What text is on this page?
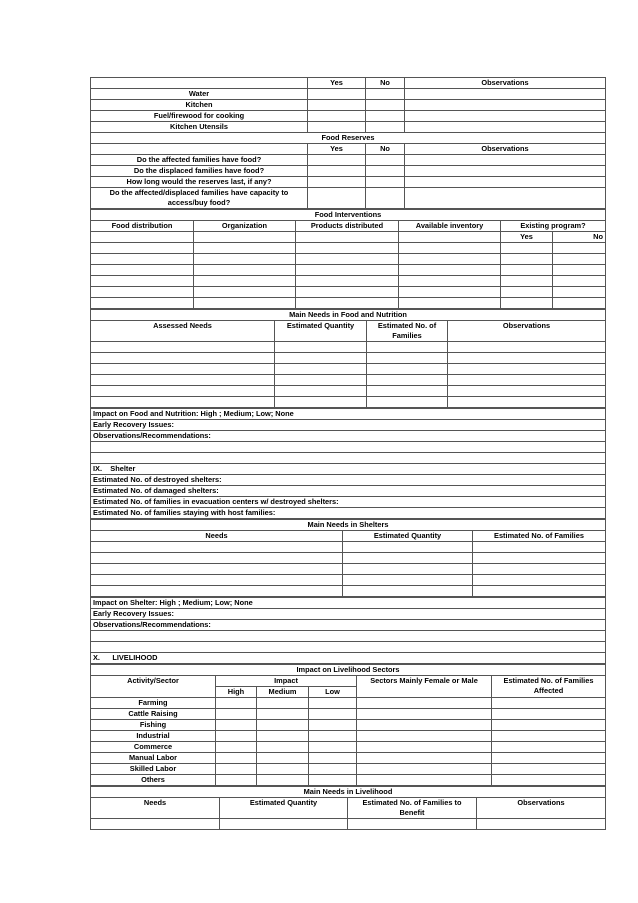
	Yes	No	Observations
Water			
Kitchen			
Fuel/firewood for cooking			
Kitchen Utensils			
Food Reserves			
	Yes	No	Observations
Do the affected families have food?			
Do the displaced families have food?			
How long would the reserves last, if any?			
Do the affected/displaced families have capacity to access/buy food?			
Food Interventions					
Food distribution	Organization	Products distributed	Available inventory	Existing program?	
				Yes	No

Main Needs in Food and Nutrition			
Assessed Needs	Estimated Quantity	Estimated No. of Families	Observations

Impact on Food and Nutrition: High ; Medium; Low; None
Early Recovery Issues:
Observations/Recommendations:

IX. Shelter
Estimated No. of destroyed shelters:
Estimated No. of damaged shelters:
Estimated No. of families in evacuation centers w/ destroyed shelters:
Estimated No. of families staying with host families:
Main Needs in Shelters		
Needs	Estimated Quantity	Estimated No. of Families

Impact on Shelter: High ; Medium; Low; None
Early Recovery Issues:
Observations/Recommendations:

X. LIVELIHOOD
Impact on Livelihood Sectors					
Activity/Sector	Impact			Sectors Mainly Female or Male	Estimated No. of Families Affected
	High	Medium	Low		
Farming					
Cattle Raising					
Fishing					
Industrial					
Commerce					
Manual Labor					
Skilled Labor					
Others					
Main Needs in Livelihood			
Needs	Estimated Quantity	Estimated No. of Families to Benefit	Observations
